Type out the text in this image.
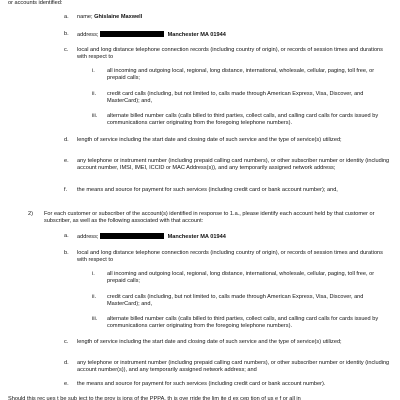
or accounts identified:
a. name; Ghislaine Maxwell
b. address;	Manchester MA 01944
c. local and long distance telephone connection records (including country of origin), or records of session times and durations with respect to
i. all incoming and outgoing local, regional, long distance, international, wholesale, cellular, paging, toll free, or prepaid calls;
ii. credit card calls (including, but not limited to, calls made through American Express, Visa, Discover, and MasterCard); and,
iii. alternate billed number calls (calls billed to third parties, collect calls, and calling card calls for cards issued by communications carrier originating from the foregoing telephone numbers).
d. length of service including the start date and closing date of such service and the type of service(s) utilized;
e. any telephone or instrument number (including prepaid calling card numbers), or other subscriber number or identity (including account number, IMSI, IMEI, ICCID or MAC Address(s)), and any temporarily assigned network address;
f. the means and source for payment for such services (including credit card or bank account number); and,
2) For each customer or subscriber of the account(s) identified in response to 1.a., please identify each account held by that customer or subscriber, as well as the following associated with that account:
a. address;	Manchester MA 01944
b. local and long distance telephone connection records (including country of origin), or records of session times and durations with respect to
i. all incoming and outgoing local, regional, long distance, international, wholesale, cellular, paging, toll free, or prepaid calls;
ii. credit card calls (including, but not limited to, calls made through American Express, Visa, Discover, and MasterCard); and,
iii. alternate billed number calls (calls billed to third parties, collect calls, and calling card calls for cards issued by communications carrier originating from the foregoing telephone numbers).
c. length of service including the start date and closing date of such service and the type of service(s) utilized;
d. any telephone or instrument number (including prepaid calling card numbers), or other subscriber number or identity (including account number(s)), and any temporarily assigned network address; and
e. the means and source for payment for such services (including credit card or bank account number).
Should this rec ues t be sub ject to the prov is ions of the PPPA, th is ove rride the lim ite d ex cep tion of us e f or all in
